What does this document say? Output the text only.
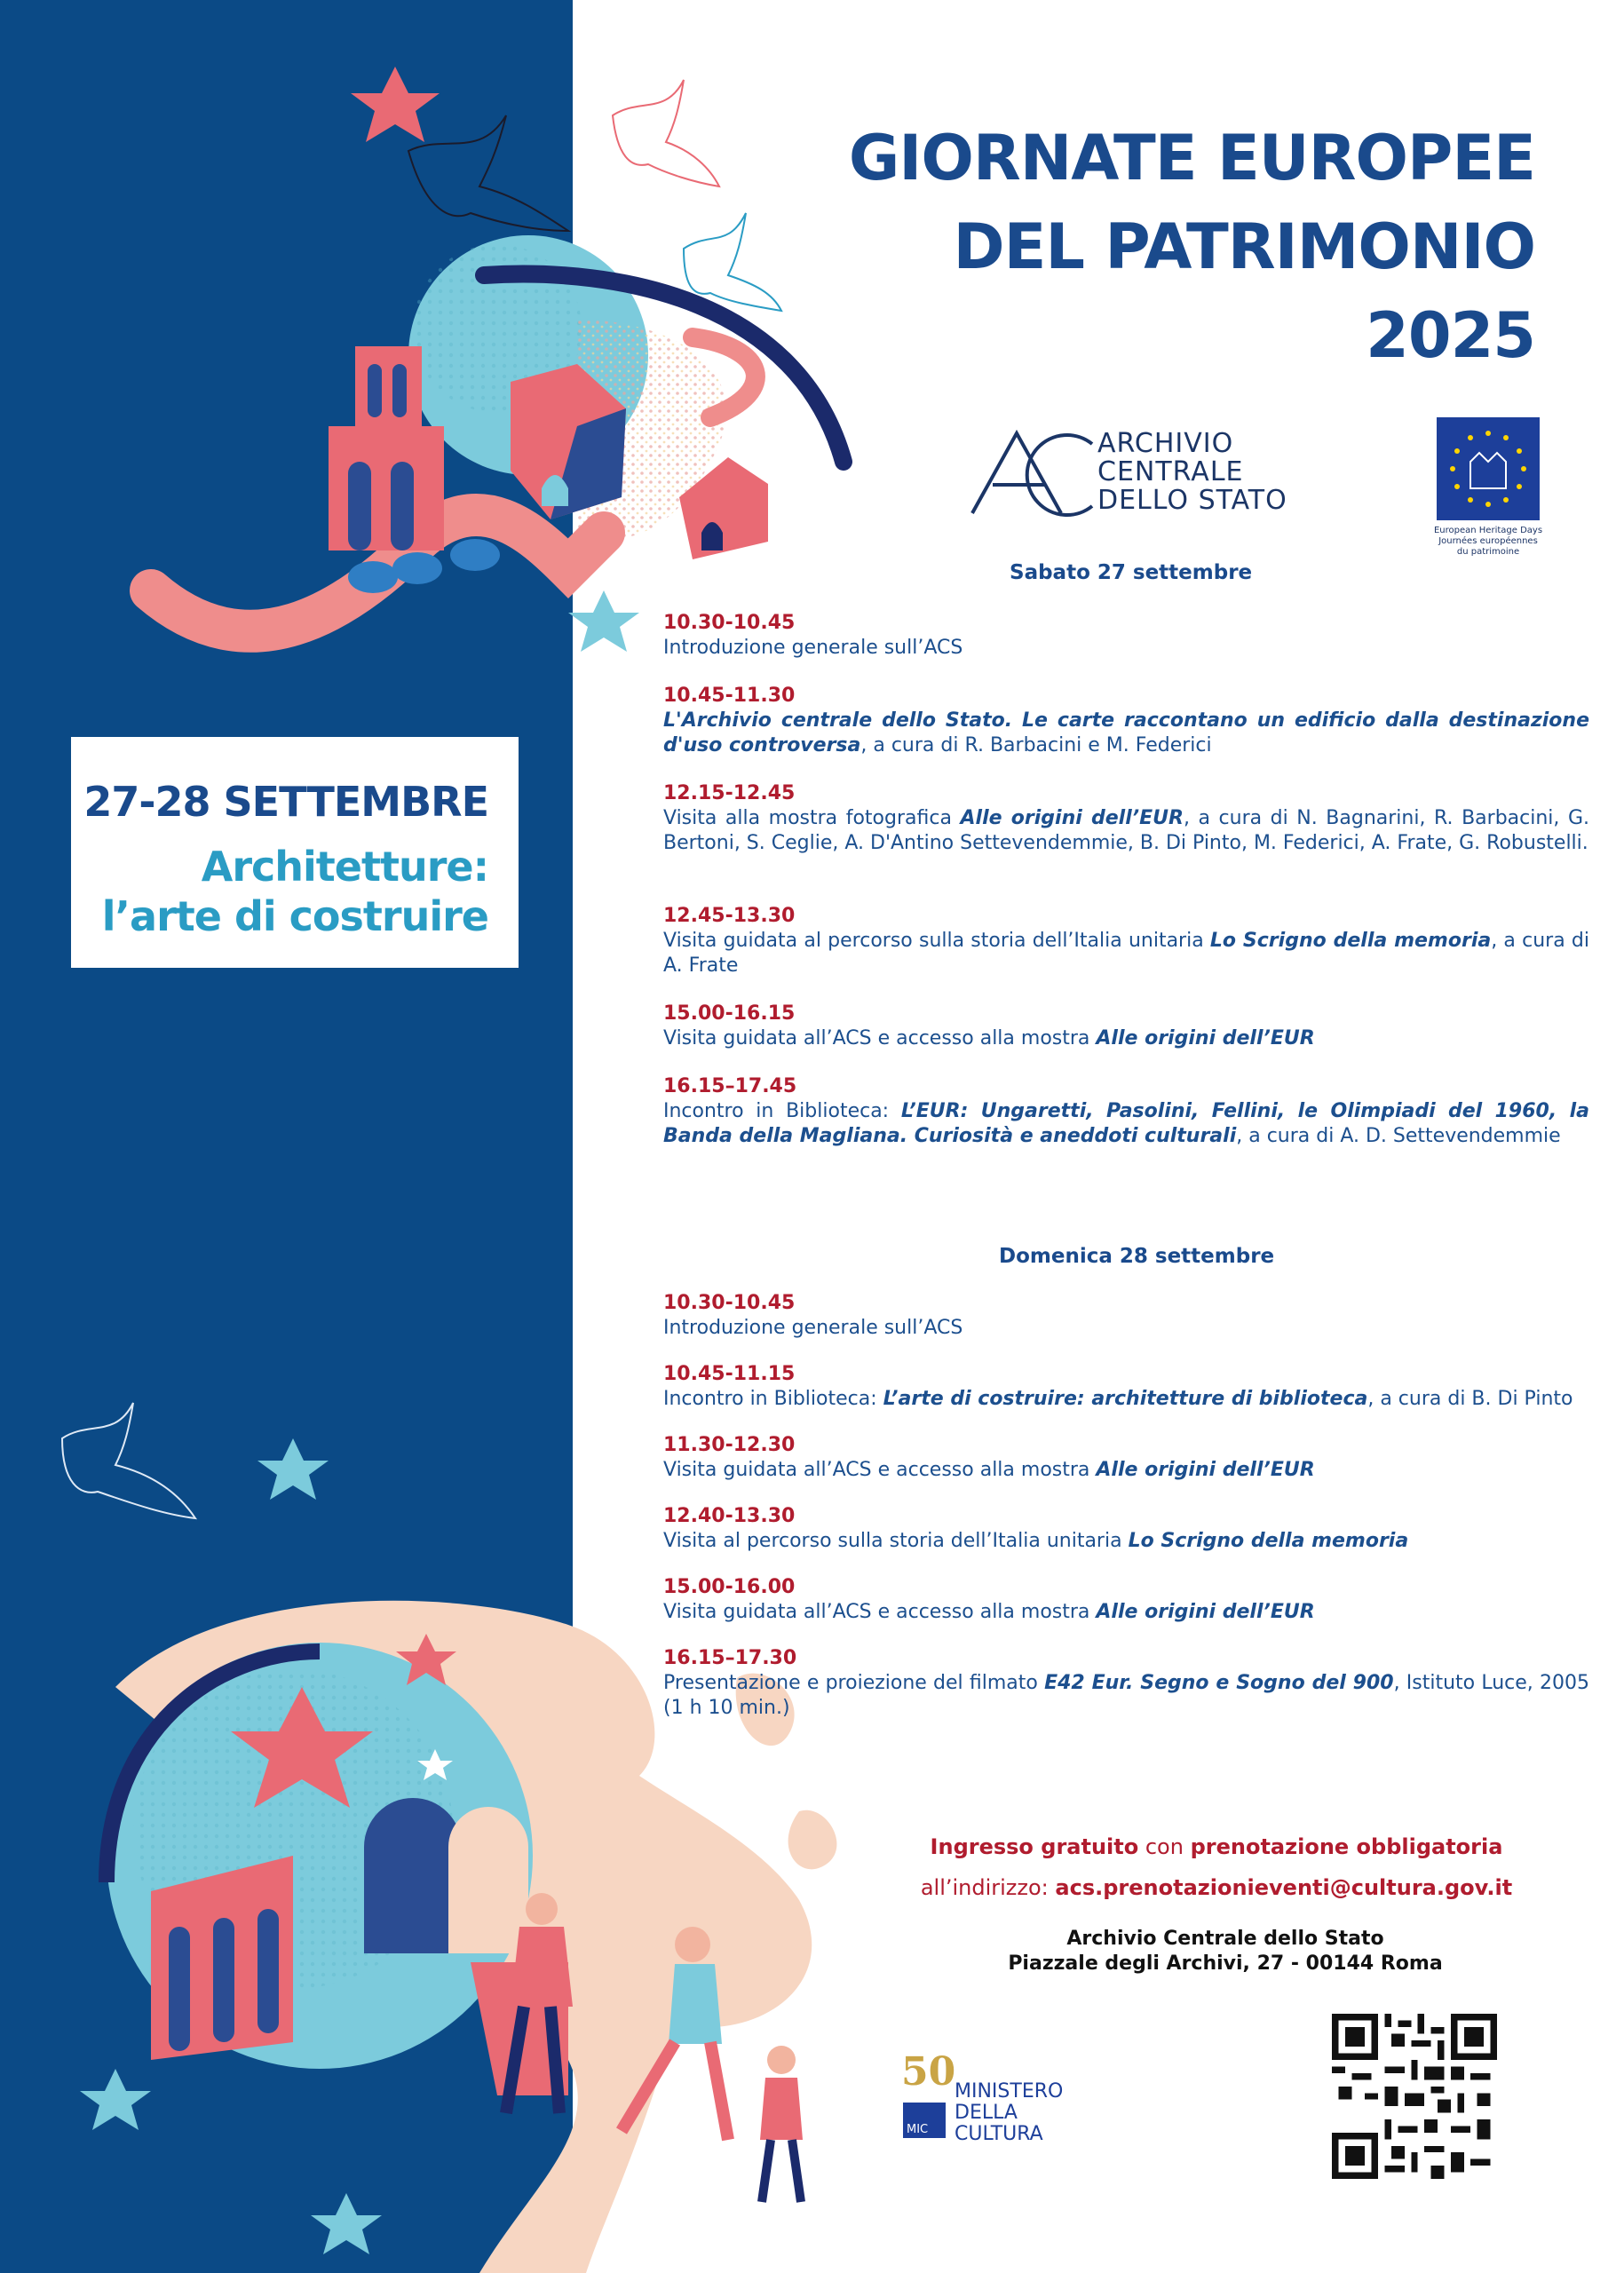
GIORNATE EUROPEE
DEL PATRIMONIO
2025
ARCHIVIO
CENTRALE
DELLO STATO
European Heritage Days
Journées européennes
du patrimoine
27-28 SETTEMBRE
Architetture:
l’arte di costruire
Sabato 27 settembre
10.30-10.45
Introduzione generale sull’ACS
10.45-11.30
L'Archivio centrale dello Stato. Le carte raccontano un edificio dalla destinazione d'uso controversa, a cura di R. Barbacini e M. Federici
12.15-12.45
Visita alla mostra fotografica Alle origini dell’EUR, a cura di N. Bagnarini, R. Barbacini, G. Bertoni, S. Ceglie, A. D'Antino Settevendemmie, B. Di Pinto, M. Federici, A. Frate, G. Robustelli.
12.45-13.30
Visita guidata al percorso sulla storia dell’Italia unitaria Lo Scrigno della memoria, a cura di A. Frate
15.00-16.15
Visita guidata all’ACS e accesso alla mostra Alle origini dell’EUR
16.15–17.45
Incontro in Biblioteca: L’EUR: Ungaretti, Pasolini, Fellini, le Olimpiadi del 1960, la Banda della Magliana. Curiosità e aneddoti culturali, a cura di A. D. Settevendemmie
Domenica 28 settembre
10.30-10.45
Introduzione generale sull’ACS
10.45-11.15
Incontro in Biblioteca: L’arte di costruire: architetture di biblioteca, a cura di B. Di Pinto
11.30-12.30
Visita guidata all’ACS e accesso alla mostra Alle origini dell’EUR
12.40-13.30
Visita al percorso sulla storia dell’Italia unitaria Lo Scrigno della memoria
15.00-16.00
Visita guidata all’ACS e accesso alla mostra Alle origini dell’EUR
16.15–17.30
Presentazione e proiezione del filmato E42 Eur. Segno e Sogno del 900, Istituto Luce, 2005 (1 h 10 min.)
Ingresso gratuito con prenotazione obbligatoria
all’indirizzo: acs.prenotazionieventi@cultura.gov.it
Archivio Centrale dello Stato
Piazzale degli Archivi, 27 - 00144 Roma
50
MIC
MINISTERO
DELLA
CULTURA
